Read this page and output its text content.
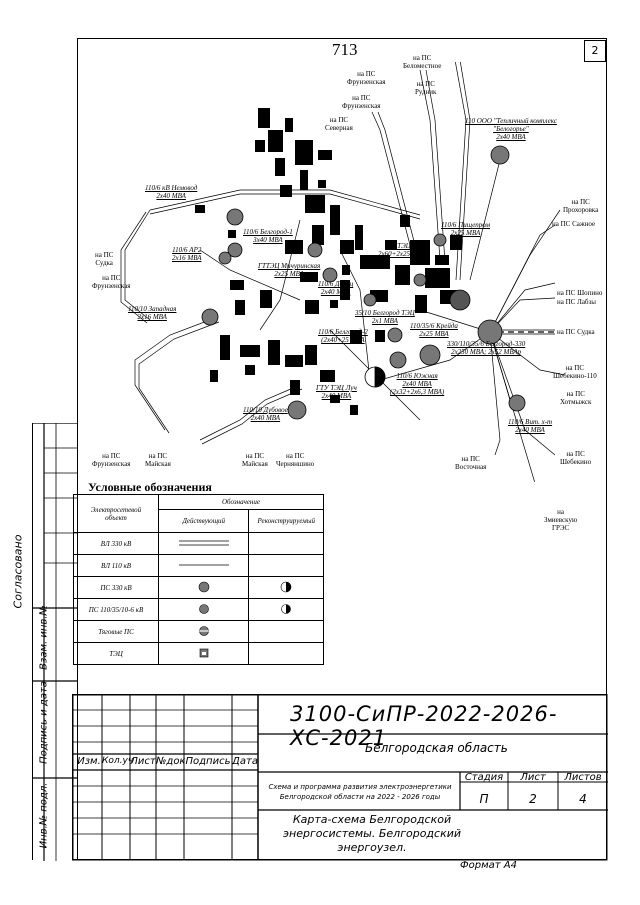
713	2
110/6 кВ Немовод
2х40 МВА
110/6 Белгород-1
3х40 МВА
110/6 АР2
2х16 МВА
ГТТЭЦ Мичуринская
2х25 МВА
110/6 Донец
2х40 МВА
110/10 Западная
2х16 МВА	35/10 Белгород ТЭЦ
2х1 МВА
110/35/6 Крейда
2х25 МВА
110/6 Белгород-2
(2х40+25 МВА
110/6 Южная
2х40 МВА
(2х32+2х6,3 МВА)
ГТУ ТЭЦ Луч
2х40 МВА
110/10 Дубовое
2х40 МВА
БТЭЦ
2х60+2х25 МВА
110/6 Пищепром
2х25 МВА
330/110/35/6 Белгород-330
2х250 МВА; 2х52 МВАр
110/6 Вит. х-т
2х40 МВА
110 ООО "Тепличный комплекс
"Белогорье"
2х40 МВА
на ПС
Фрунзенская
на ПС
Фрунзенская
на ПС
Северная
на ПС
Беломестное
на ПС
Рудник
на ПС
Прохоровка
на ПС Сажное
на ПС Шопино
на ПС Лабзы
на ПС Судка
на ПС
Шебекино-110
на ПС
Хотмыжск
на ПС
Шебекино
на
Змиевскую
ГРЭС
на ПС
Восточная
на ПС
Черняншино
на ПС
Майская
на ПС
Майская
на ПС
Фрунзенская
на ПС
Фрунзенская
на ПС
Судка
Условные обозначения
Электросетевой
объект	Обозначение	
	Действующий	Реконструируемый
ВЛ 330 кВ		
ВЛ 110 кВ		
ПС 330 кВ		
ПС 110/35/10-6 кВ		
Тяговые ПС		
ТЭЦ		
Согласовано
Взам. инв.№
Подпись и дата
Инв.№ подл.
3100-СиПР-2022-2026-ХС-2021
Белгородская область
Изм. Кол.уч
Лист №док Подпись Дата
Схема и программа развития электроэнергетики
Белгородской области на 2022 - 2026 годы
Стадия	Лист	Листов
П	2	4
Карта-схема Белгородской
энергосистемы. Белгородский
энергоузел.
Формат А4
